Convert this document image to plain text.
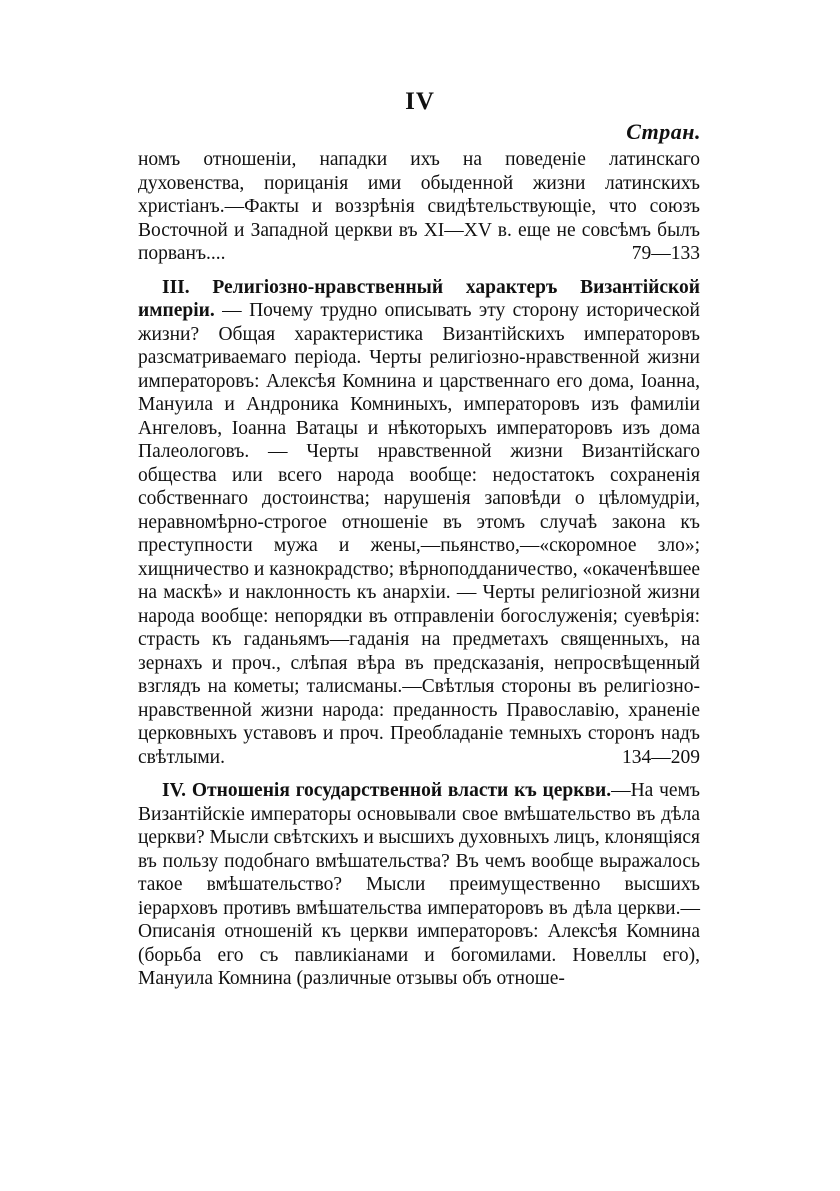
IV
Стран.

номъ отношенiи, нападки ихъ на поведенiе латинскаго духовенства, порицанiя ими обыденной жизни латинскихъ христiанъ.—Факты и воззрѣнiя свидѣтельствующiе, что союзъ Восточной и Западной церкви въ XI—XV в. еще не совсѣмъ былъ порванъ....	79—133

III. Религiозно-нравственный характеръ Византiйской имперiи. — Почему трудно описывать эту сторону исторической жизни? Общая характеристика Византiйскихъ императоровъ разсматриваемаго перiода. Черты религiозно-нравственной жизни императоровъ: Алексѣя Комнина и царственнаго его дома, Iоанна, Мануила и Андроника Комниныхъ, императоровъ изъ фамилiи Ангеловъ, Iоанна Ватацы и нѣкоторыхъ императоровъ изъ дома Палеологовъ. — Черты нравственной жизни Византiйскаго общества или всего народа вообще: недостатокъ сохраненiя собственнаго достоинства; нарушенiя заповѣди о цѣломудрiи, неравномѣрно-строгое отношенiе въ этомъ случаѣ закона къ преступности мужа и жены,—пьянство,—«скоромное зло»; хищничество и казнокрадство; вѣрноподданичество, «окаченѣвшее на маскѣ» и наклонность къ анархiи. — Черты религiозной жизни народа вообще: непорядки въ отправленiи богослуженiя; суевѣрiя: страсть къ гаданьямъ—гаданiя на предметахъ священныхъ, на зернахъ и проч., слѣпая вѣра въ предсказанiя, непросвѣщенный взглядъ на кометы; талисманы.—Свѣтлыя стороны въ религiозно-нравственной жизни народа: преданность Православiю, храненiе церковныхъ уставовъ и проч. Преобладанiе темныхъ сторонъ надъ свѣтлыми.	134—209

IV. Отношенiя государственной власти къ церкви.—На чемъ Византiйскiе императоры основывали свое вмѣшательство въ дѣла церкви? Мысли свѣтскихъ и высшихъ духовныхъ лицъ, клонящiяся въ пользу подобнаго вмѣшательства? Въ чемъ вообще выражалось такое вмѣшательство? Мысли преимущественно высшихъ iерарховъ противъ вмѣшательства императоровъ въ дѣла церкви.—Описанiя отношенiй къ церкви императоровъ: Алексѣя Комнина (борьба его съ павликiанами и богомилами. Новеллы его), Мануила Комнина (различные отзывы объ отноше-
